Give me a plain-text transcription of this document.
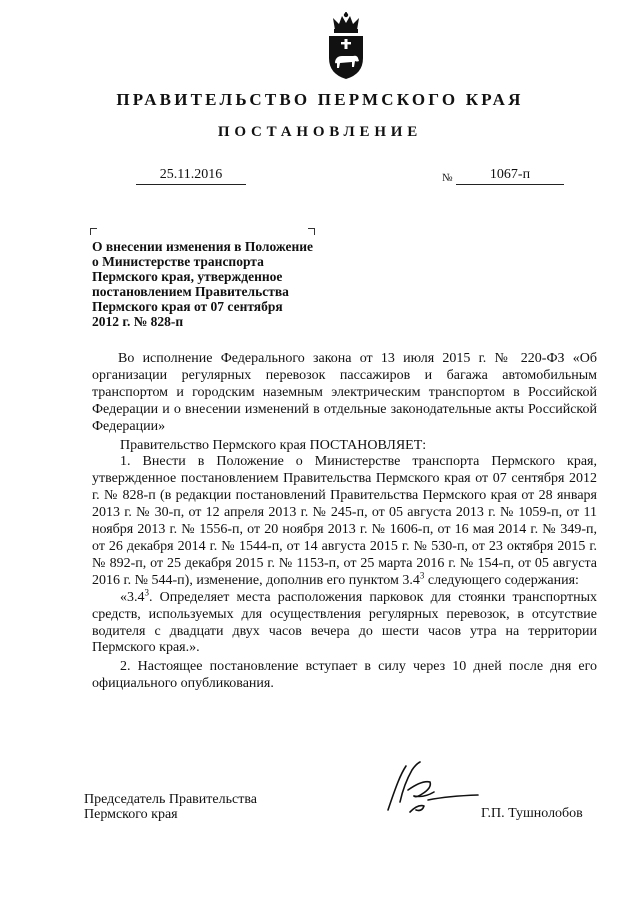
ПРАВИТЕЛЬСТВО ПЕРМСКОГО КРАЯ
ПОСТАНОВЛЕНИЕ
25.11.2016	№	1067-п
О внесении изменения в Положение
о Министерстве транспорта
Пермского края, утвержденное
постановлением Правительства
Пермского края от 07 сентября
2012 г. № 828-п

Во исполнение Федерального закона от 13 июля 2015 г. № 220-ФЗ «Об организации регулярных перевозок пассажиров и багажа автомобильным транспортом и городским наземным электрическим транспортом в Российской Федерации и о внесении изменений в отдельные законодательные акты Российской Федерации»

Правительство Пермского края ПОСТАНОВЛЯЕТ:

1. Внести в Положение о Министерстве транспорта Пермского края, утвержденное постановлением Правительства Пермского края от 07 сентября 2012 г. № 828-п (в редакции постановлений Правительства Пермского края от 28 января 2013 г. № 30-п, от 12 апреля 2013 г. № 245-п, от 05 августа 2013 г. № 1059-п, от 11 ноября 2013 г. № 1556-п, от 20 ноября 2013 г. № 1606-п, от 16 мая 2014 г. № 349-п, от 26 декабря 2014 г. № 1544-п, от 14 августа 2015 г. № 530-п, от 23 октября 2015 г. № 892-п, от 25 декабря 2015 г. № 1153-п, от 25 марта 2016 г. № 154-п, от 05 августа 2016 г. № 544-п), изменение, дополнив его пунктом $3.4^3$ следующего содержания:

«$3.4^3$. Определяет места расположения парковок для стоянки транспортных средств, используемых для осуществления регулярных перевозок, в отсутствие водителя с двадцати двух часов вечера до шести часов утра на территории Пермского края.».

2. Настоящее постановление вступает в силу через 10 дней после дня его официального опубликования.

Председатель Правительства
Пермского края	Г.П. Тушнолобов
